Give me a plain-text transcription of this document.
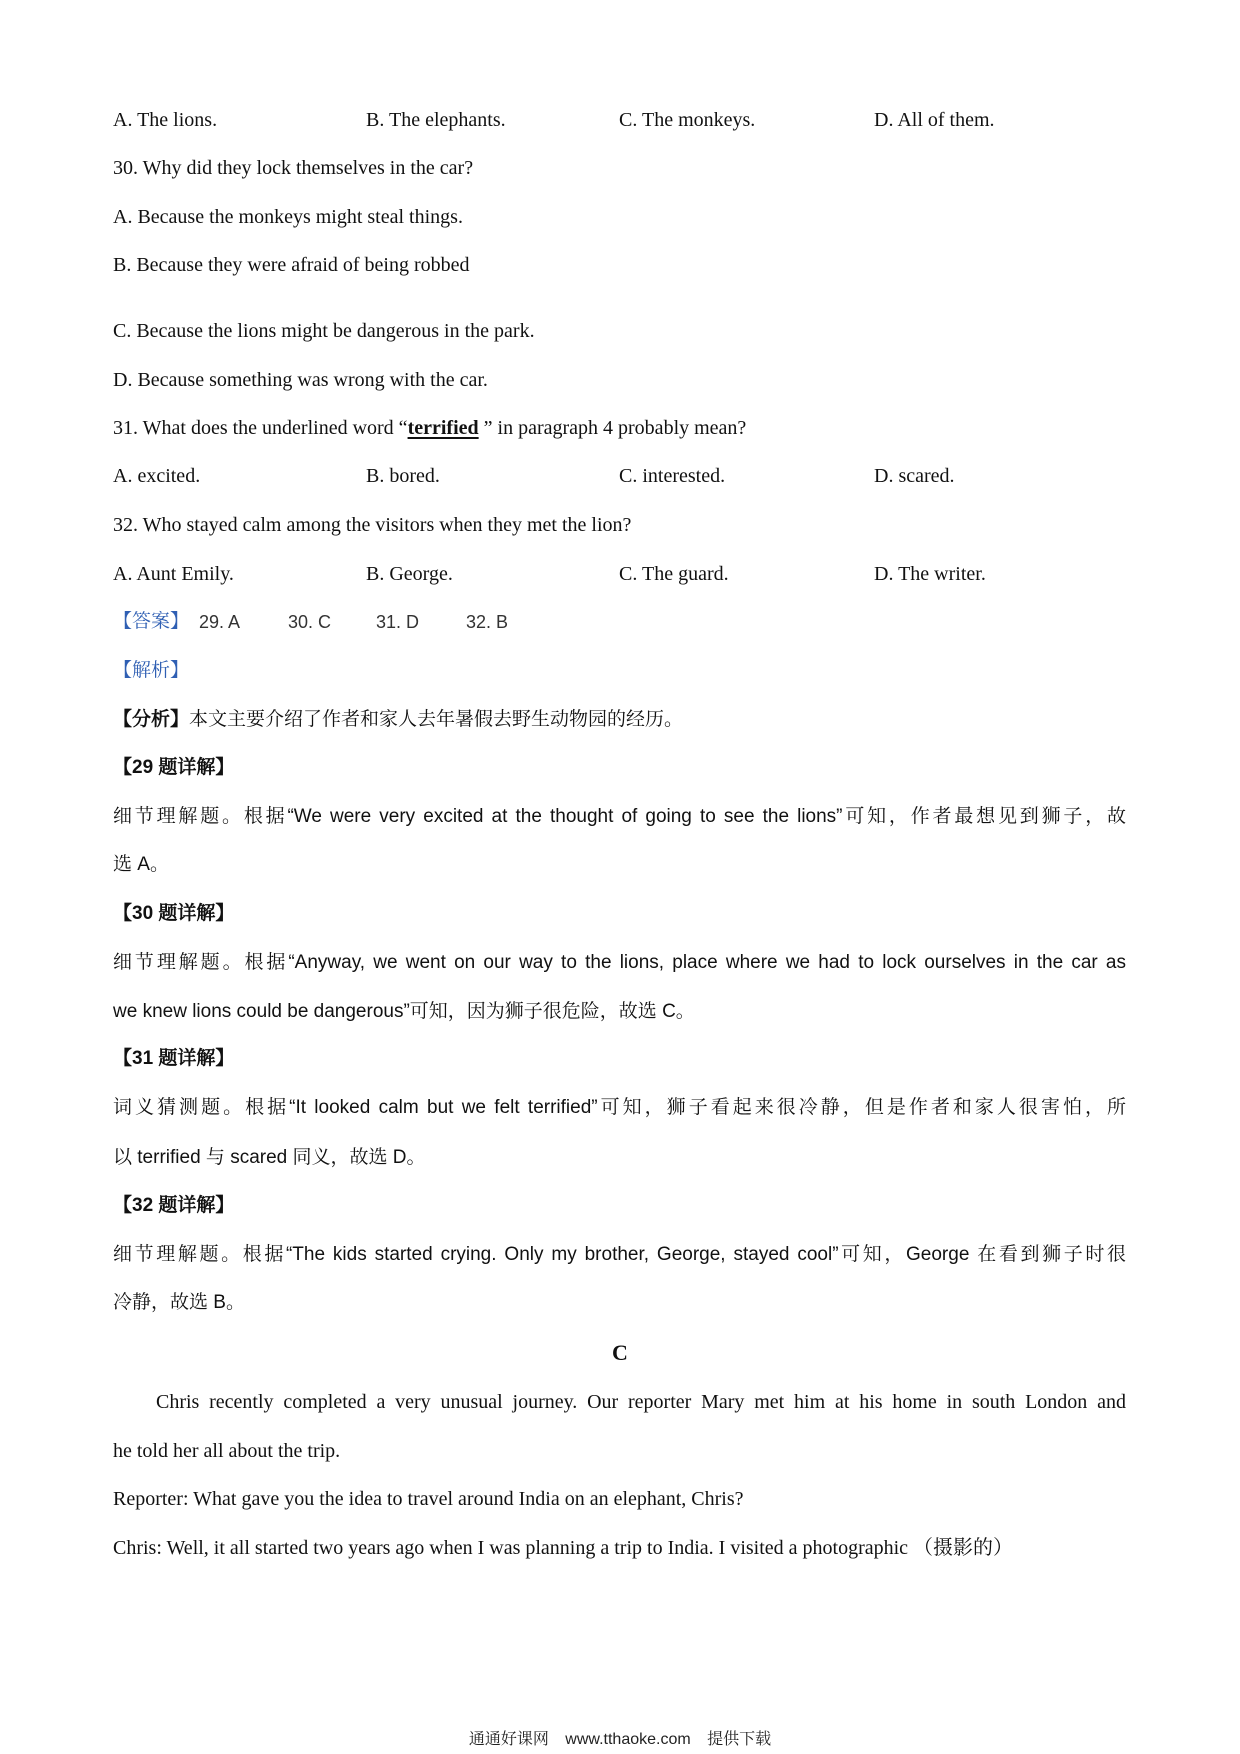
A. The lions.	B. The elephants.	C. The monkeys.	D. All of them.
30. Why did they lock themselves in the car?
A. Because the monkeys might steal things.
B. Because they were afraid of being robbed
C. Because the lions might be dangerous in the park.
D. Because something was wrong with the car.
31. What does the underlined word “terrified ” in paragraph 4 probably mean?
A. excited.	B. bored.	C. interested.	D. scared.
32. Who stayed calm among the visitors when they met the lion?
A. Aunt Emily.	B. George.	C. The guard.	D. The writer.
【答案】 29. A	30. C 31. D	32. B
【解析】
【分析】本文主要介绍了作者和家人去年暑假去野生动物园的经历。
【29 题详解】
细节理解题。根据“We were very excited at the thought of going to see the lions”可知，作者最想见到狮子，故
选 A。
【30 题详解】
细节理解题。根据“Anyway, we went on our way to the lions, place where we had to lock ourselves in the car as
we knew lions could be dangerous”可知，因为狮子很危险，故选 C。
【31 题详解】
词义猜测题。根据“It looked calm but we felt terrified”可知，狮子看起来很冷静，但是作者和家人很害怕，所
以 terrified 与 scared 同义，故选 D。
【32 题详解】
细节理解题。根据“The kids started crying. Only my brother, George, stayed cool”可知，George 在看到狮子时很
冷静，故选 B。
C
Chris recently completed a very unusual journey. Our reporter Mary met him at his home in south London and
he told her all about the trip.
Reporter: What gave you the idea to travel around India on an elephant, Chris?
Chris: Well, it all started two years ago when I was planning a trip to India. I visited a photographic （摄影的）
通通好课网 www.tthaoke.com 提供下载
